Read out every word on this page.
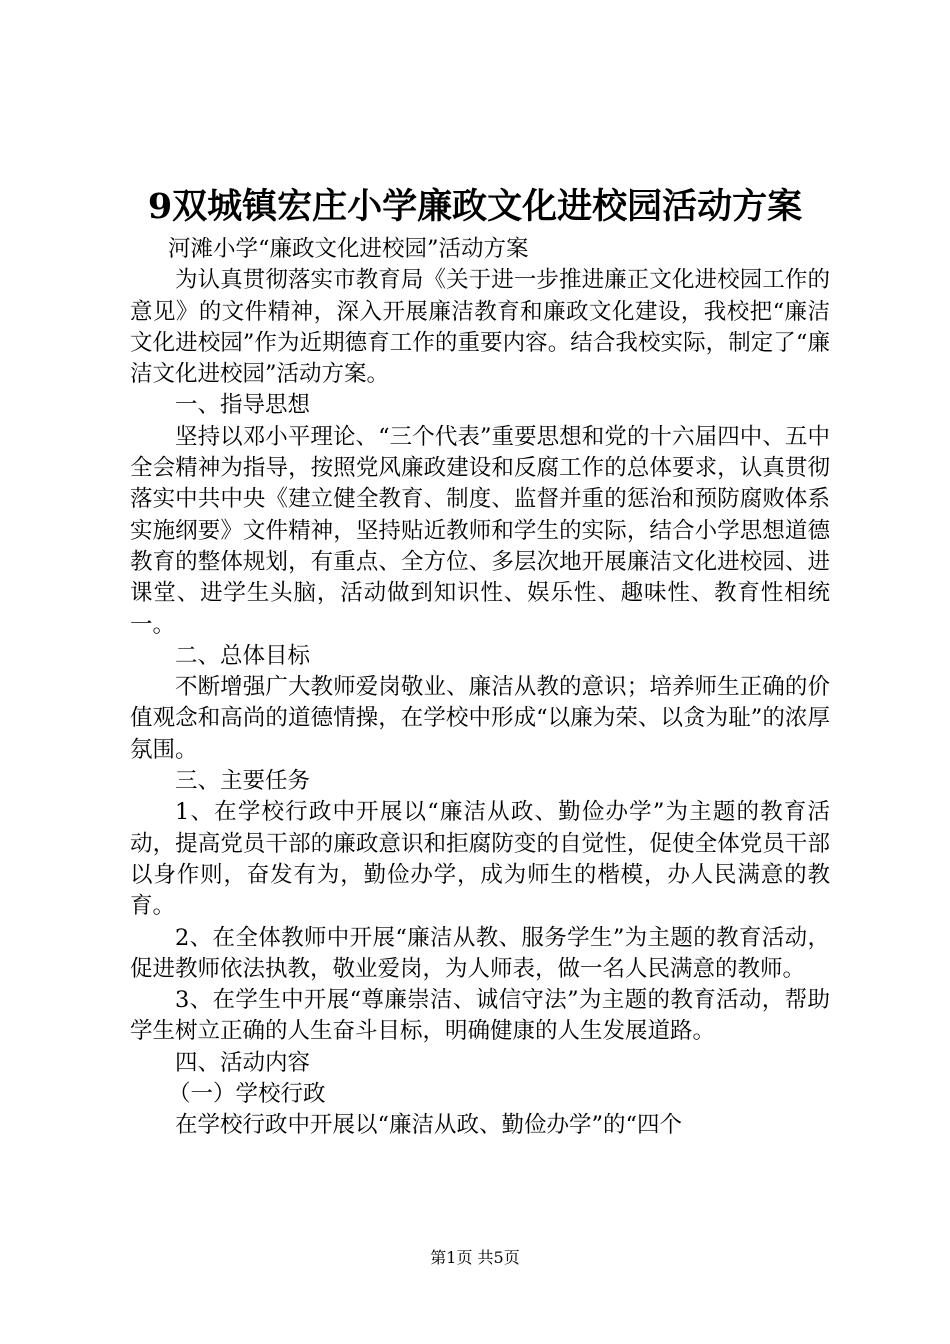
9双城镇宏庄小学廉政文化进校园活动方案

河滩小学“廉政文化进校园”活动方案

为认真贯彻落实市教育局《关于进一步推进廉正文化进校园工作的意见》的文件精神，深入开展廉洁教育和廉政文化建设，我校把“廉洁文化进校园”作为近期德育工作的重要内容。结合我校实际，制定了“廉洁文化进校园”活动方案。

一、指导思想

坚持以邓小平理论、“三个代表”重要思想和党的十六届四中、五中全会精神为指导，按照党风廉政建设和反腐工作的总体要求，认真贯彻落实中共中央《建立健全教育、制度、监督并重的惩治和预防腐败体系实施纲要》文件精神，坚持贴近教师和学生的实际，结合小学思想道德教育的整体规划，有重点、全方位、多层次地开展廉洁文化进校园、进课堂、进学生头脑，活动做到知识性、娱乐性、趣味性、教育性相统一。

二、总体目标

不断增强广大教师爱岗敬业、廉洁从教的意识；培养师生正确的价值观念和高尚的道德情操，在学校中形成“以廉为荣、以贪为耻”的浓厚氛围。

三、主要任务

1、在学校行政中开展以“廉洁从政、勤俭办学”为主题的教育活动，提高党员干部的廉政意识和拒腐防变的自觉性，促使全体党员干部以身作则，奋发有为，勤俭办学，成为师生的楷模，办人民满意的教育。

2、在全体教师中开展“廉洁从教、服务学生”为主题的教育活动，促进教师依法执教，敬业爱岗，为人师表，做一名人民满意的教师。

3、在学生中开展“尊廉崇洁、诚信守法”为主题的教育活动，帮助学生树立正确的人生奋斗目标，明确健康的人生发展道路。

四、活动内容

（一）学校行政

在学校行政中开展以“廉洁从政、勤俭办学”的“四个

第1页 共5页
